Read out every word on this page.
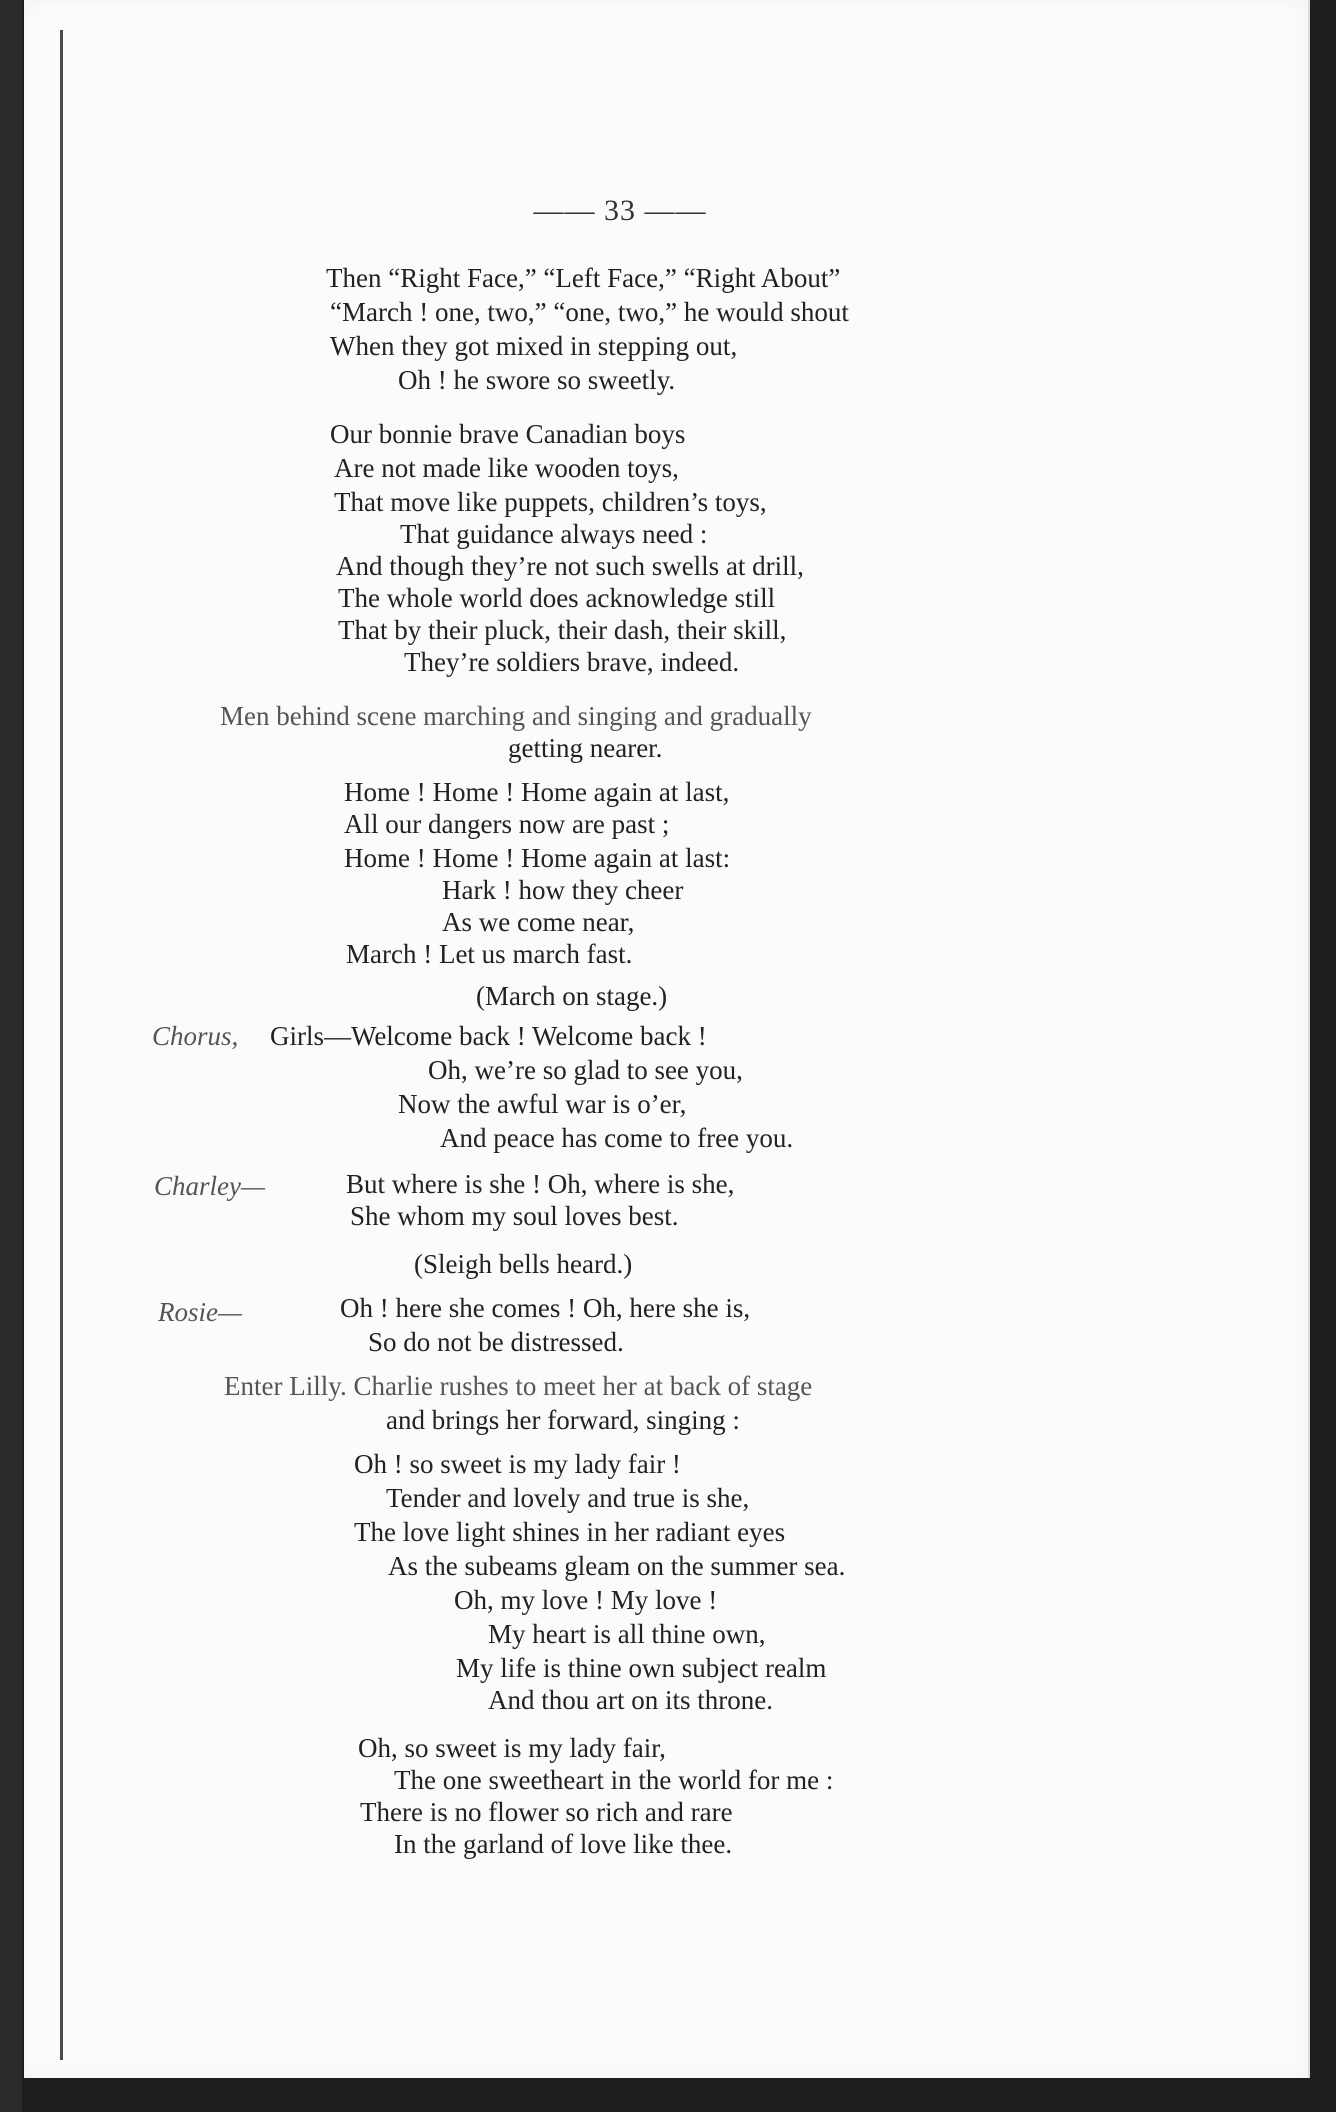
—— 33 ——
Then “Right Face,” “Left Face,” “Right About”
“March ! one, two,” “one, two,” he would shout
When they got mixed in stepping out,
Oh ! he swore so sweetly.
Our bonnie brave Canadian boys
Are not made like wooden toys,
That move like puppets, children’s toys,
That guidance always need :
And though they’re not such swells at drill,
The whole world does acknowledge still
That by their pluck, their dash, their skill,
They’re soldiers brave, indeed.
Men behind scene marching and singing and gradually
getting nearer.
Home ! Home ! Home again at last,
All our dangers now are past ;
Home ! Home ! Home again at last:
Hark ! how they cheer
As we come near,
March ! Let us march fast.
(March on stage.)
Chorus, Girls—Welcome back ! Welcome back !
Oh, we’re so glad to see you,
Now the awful war is o’er,
And peace has come to free you.
Charley—	But where is she ! Oh, where is she,
She whom my soul loves best.
(Sleigh bells heard.)
Rosie—	Oh ! here she comes ! Oh, here she is,
So do not be distressed.
Enter Lilly. Charlie rushes to meet her at back of stage
and brings her forward, singing :
Oh ! so sweet is my lady fair !
Tender and lovely and true is she,
The love light shines in her radiant eyes
As the subeams gleam on the summer sea.
Oh, my love ! My love !
My heart is all thine own,
My life is thine own subject realm
And thou art on its throne.
Oh, so sweet is my lady fair,
The one sweetheart in the world for me :
There is no flower so rich and rare
In the garland of love like thee.
